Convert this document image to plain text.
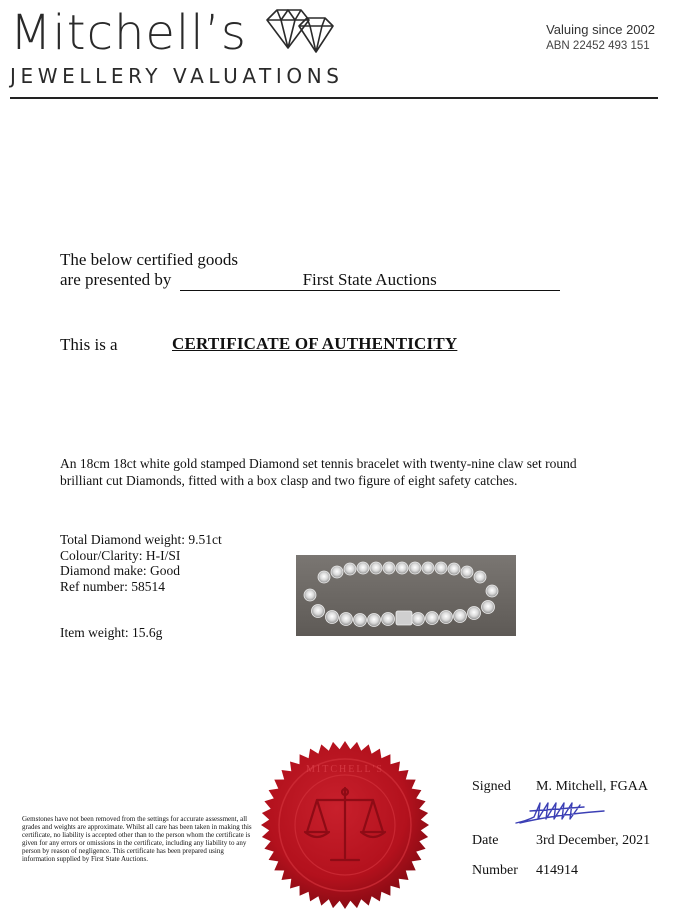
Mitchell’s
JEWELLERY VALUATIONS
Valuing since 2002
ABN 22452 493 151
The below certified goods
are presented by	First State Auctions
This is a	CERTIFICATE OF AUTHENTICITY
An 18cm 18ct white gold stamped Diamond set tennis bracelet with twenty-nine claw set round brilliant cut Diamonds, fitted with a box clasp and two figure of eight safety catches.
Total Diamond weight: 9.51ct
Colour/Clarity: H-I/SI
Diamond make: Good
Ref number: 58514
Item weight: 15.6g
Gemstones have not been removed from the settings for accurate assessment, all grades and weights are approximate. Whilst all care has been taken in making this certificate, no liability is accepted other than to the person whom the certificate is given for any errors or omissions in the certificate, including any liability to any person by reason of negligence. This certificate has been prepared using information supplied by First State Auctions.
MITCHELL'S
Signed M. Mitchell, FGAA
Date	3rd December, 2021
Number 414914
